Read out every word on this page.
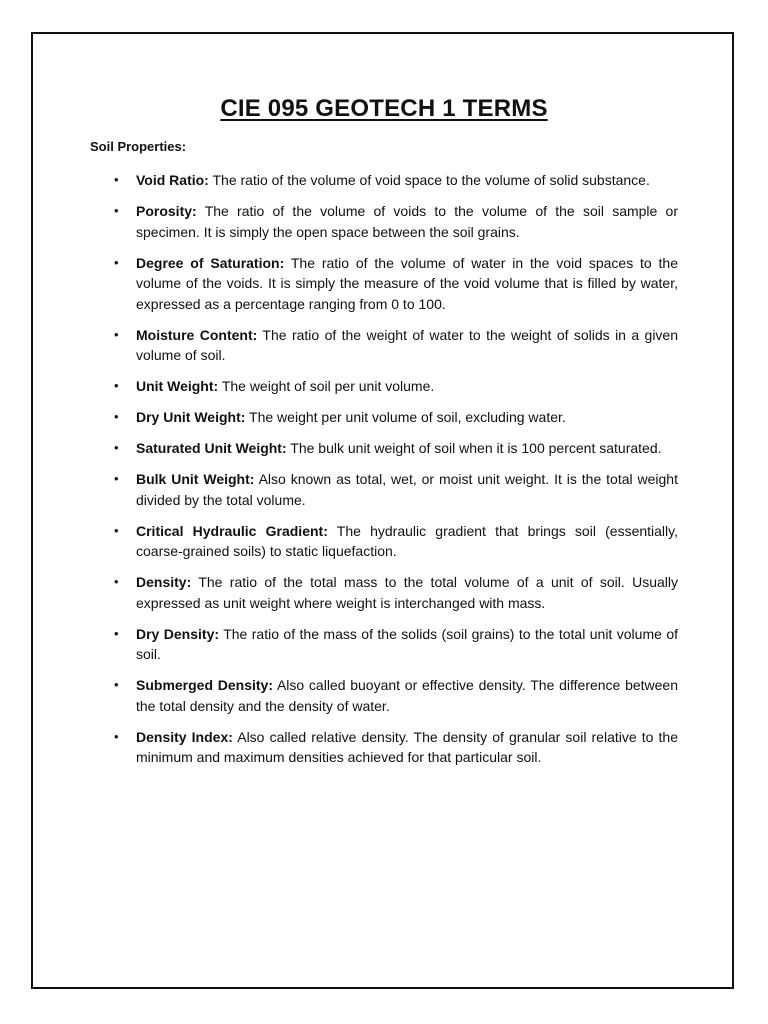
CIE 095 GEOTECH 1 TERMS

Soil Properties:

• Void Ratio: The ratio of the volume of void space to the volume of solid substance.
• Porosity: The ratio of the volume of voids to the volume of the soil sample or specimen. It is simply the open space between the soil grains.
• Degree of Saturation: The ratio of the volume of water in the void spaces to the volume of the voids. It is simply the measure of the void volume that is filled by water, expressed as a percentage ranging from 0 to 100.
• Moisture Content: The ratio of the weight of water to the weight of solids in a given volume of soil.
• Unit Weight: The weight of soil per unit volume.
• Dry Unit Weight: The weight per unit volume of soil, excluding water.
• Saturated Unit Weight: The bulk unit weight of soil when it is 100 percent saturated.
• Bulk Unit Weight: Also known as total, wet, or moist unit weight. It is the total weight divided by the total volume.
• Critical Hydraulic Gradient: The hydraulic gradient that brings soil (essentially, coarse-grained soils) to static liquefaction.
• Density: The ratio of the total mass to the total volume of a unit of soil. Usually expressed as unit weight where weight is interchanged with mass.
• Dry Density: The ratio of the mass of the solids (soil grains) to the total unit volume of soil.
• Submerged Density: Also called buoyant or effective density. The difference between the total density and the density of water.
• Density Index: Also called relative density. The density of granular soil relative to the minimum and maximum densities achieved for that particular soil.
